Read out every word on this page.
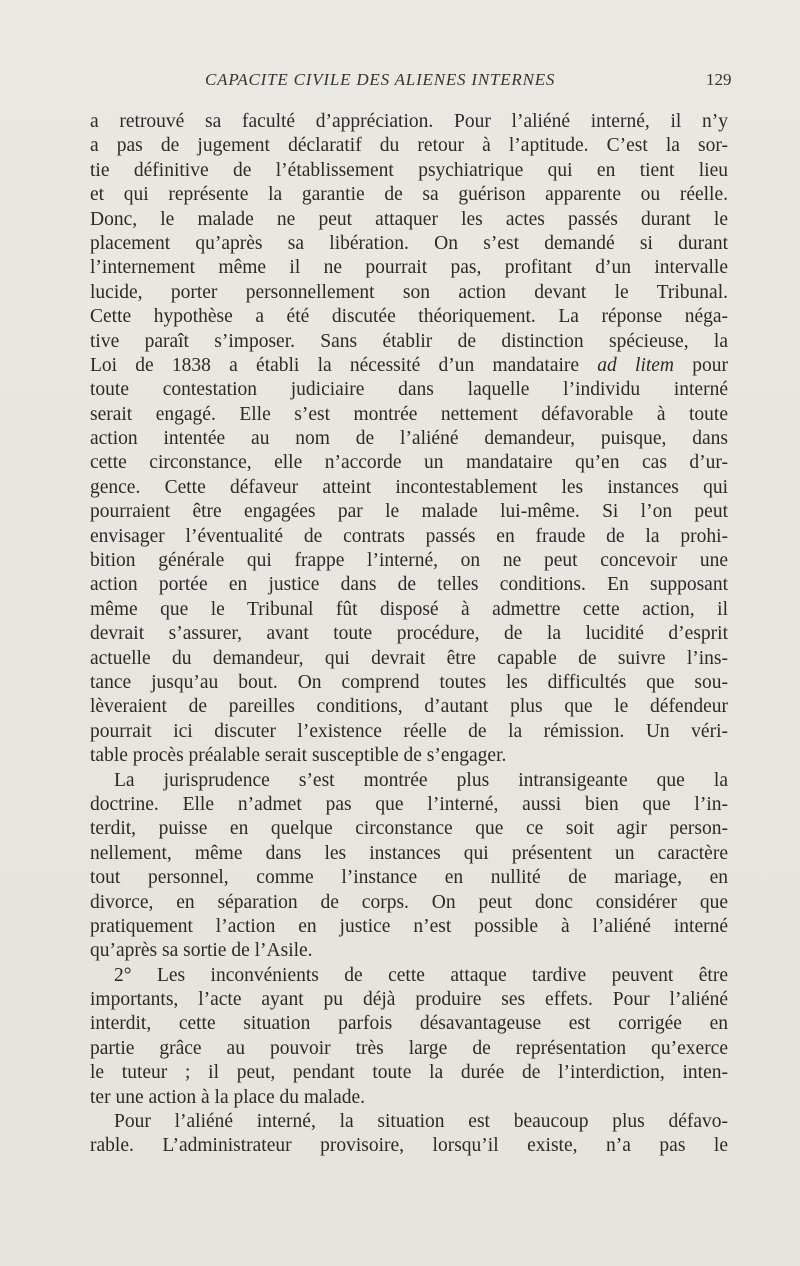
CAPACITE CIVILE DES ALIENES INTERNES	129
a retrouvé sa faculté d’appréciation. Pour l’aliéné interné, il n’y
a pas de jugement déclaratif du retour à l’aptitude. C’est la sor-
tie définitive de l’établissement psychiatrique qui en tient lieu
et qui représente la garantie de sa guérison apparente ou réelle.
Donc, le malade ne peut attaquer les actes passés durant le
placement qu’après sa libération. On s’est demandé si durant
l’internement même il ne pourrait pas, profitant d’un intervalle
lucide, porter personnellement son action devant le Tribunal.
Cette hypothèse a été discutée théoriquement. La réponse néga-
tive paraît s’imposer. Sans établir de distinction spécieuse, la
Loi de 1838 a établi la nécessité d’un mandataire ad litem pour
toute contestation judiciaire dans laquelle l’individu interné
serait engagé. Elle s’est montrée nettement défavorable à toute
action intentée au nom de l’aliéné demandeur, puisque, dans
cette circonstance, elle n’accorde un mandataire qu’en cas d’ur-
gence. Cette défaveur atteint incontestablement les instances qui
pourraient être engagées par le malade lui-même. Si l’on peut
envisager l’éventualité de contrats passés en fraude de la prohi-
bition générale qui frappe l’interné, on ne peut concevoir une
action portée en justice dans de telles conditions. En supposant
même que le Tribunal fût disposé à admettre cette action, il
devrait s’assurer, avant toute procédure, de la lucidité d’esprit
actuelle du demandeur, qui devrait être capable de suivre l’ins-
tance jusqu’au bout. On comprend toutes les difficultés que sou-
lèveraient de pareilles conditions, d’autant plus que le défendeur
pourrait ici discuter l’existence réelle de la rémission. Un véri-
table procès préalable serait susceptible de s’engager.
La jurisprudence s’est montrée plus intransigeante que la
doctrine. Elle n’admet pas que l’interné, aussi bien que l’in-
terdit, puisse en quelque circonstance que ce soit agir person-
nellement, même dans les instances qui présentent un caractère
tout personnel, comme l’instance en nullité de mariage, en
divorce, en séparation de corps. On peut donc considérer que
pratiquement l’action en justice n’est possible à l’aliéné interné
qu’après sa sortie de l’Asile.
2° Les inconvénients de cette attaque tardive peuvent être
importants, l’acte ayant pu déjà produire ses effets. Pour l’aliéné
interdit, cette situation parfois désavantageuse est corrigée en
partie grâce au pouvoir très large de représentation qu’exerce
le tuteur ; il peut, pendant toute la durée de l’interdiction, inten-
ter une action à la place du malade.
Pour l’aliéné interné, la situation est beaucoup plus défavo-
rable. L’administrateur provisoire, lorsqu’il existe, n’a pas le
